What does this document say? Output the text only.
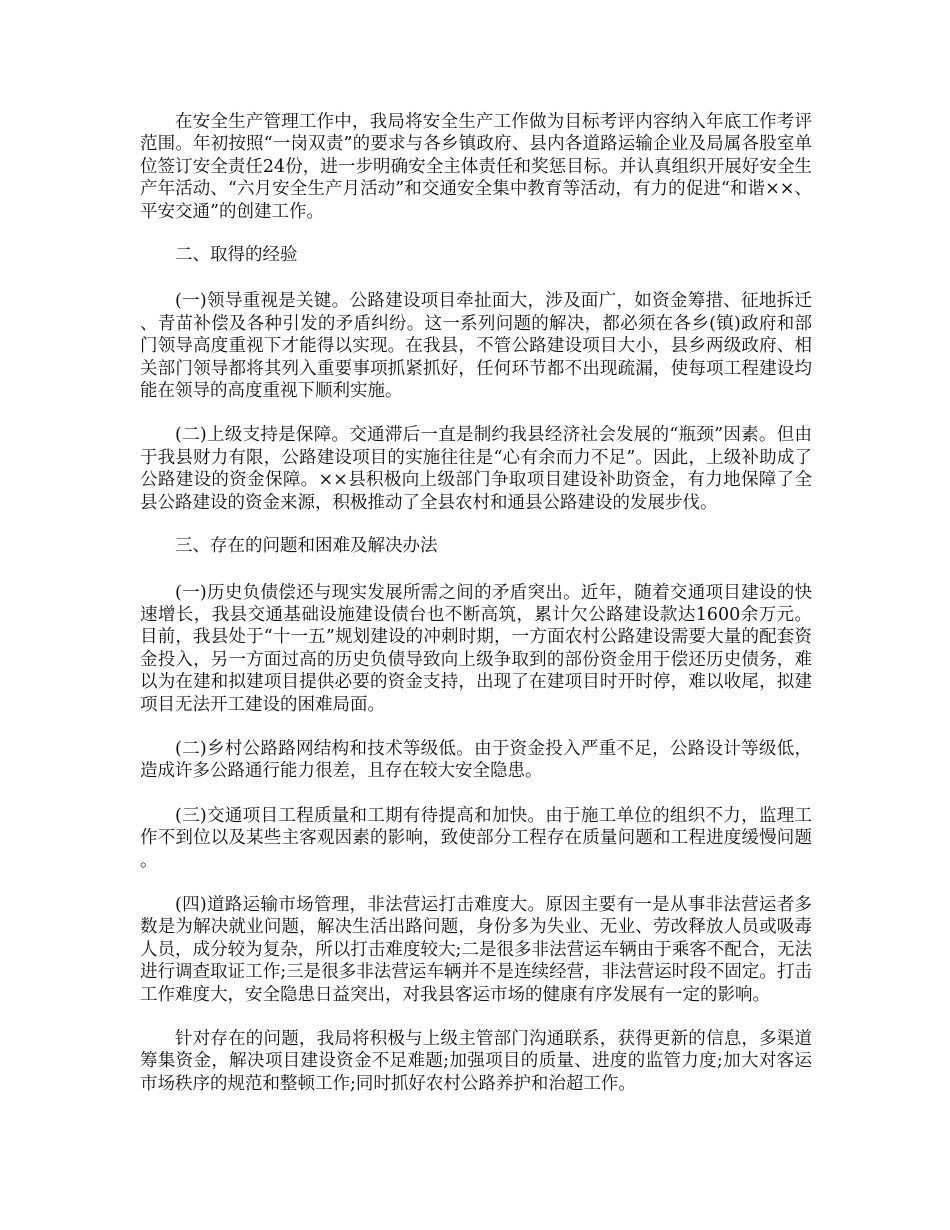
在安全生产管理工作中，我局将安全生产工作做为目标考评内容纳入年底工作考评范围。年初按照“一岗双责”的要求与各乡镇政府、县内各道路运输企业及局属各股室单位签订安全责任24份，进一步明确安全主体责任和奖惩目标。并认真组织开展好安全生产年活动、“六月安全生产月活动”和交通安全集中教育等活动，有力的促进“和谐××、平安交通”的创建工作。

二、取得的经验

(一)领导重视是关键。公路建设项目牵扯面大，涉及面广，如资金筹措、征地拆迁、青苗补偿及各种引发的矛盾纠纷。这一系列问题的解决，都必须在各乡(镇)政府和部门领导高度重视下才能得以实现。在我县，不管公路建设项目大小，县乡两级政府、相关部门领导都将其列入重要事项抓紧抓好，任何环节都不出现疏漏，使每项工程建设均能在领导的高度重视下顺利实施。

(二)上级支持是保障。交通滞后一直是制约我县经济社会发展的“瓶颈”因素。但由于我县财力有限，公路建设项目的实施往往是“心有余而力不足”。因此，上级补助成了公路建设的资金保障。××县积极向上级部门争取项目建设补助资金，有力地保障了全县公路建设的资金来源，积极推动了全县农村和通县公路建设的发展步伐。

三、存在的问题和困难及解决办法

(一)历史负债偿还与现实发展所需之间的矛盾突出。近年，随着交通项目建设的快速增长，我县交通基础设施建设债台也不断高筑，累计欠公路建设款达1600余万元。目前，我县处于“十一五”规划建设的冲刺时期，一方面农村公路建设需要大量的配套资金投入，另一方面过高的历史负债导致向上级争取到的部份资金用于偿还历史债务，难以为在建和拟建项目提供必要的资金支持，出现了在建项目时开时停，难以收尾，拟建项目无法开工建设的困难局面。

(二)乡村公路路网结构和技术等级低。由于资金投入严重不足，公路设计等级低，造成许多公路通行能力很差，且存在较大安全隐患。

(三)交通项目工程质量和工期有待提高和加快。由于施工单位的组织不力，监理工作不到位以及某些主客观因素的影响，致使部分工程存在质量问题和工程进度缓慢问题。

(四)道路运输市场管理，非法营运打击难度大。原因主要有一是从事非法营运者多数是为解决就业问题，解决生活出路问题，身份多为失业、无业、劳改释放人员或吸毒人员，成分较为复杂，所以打击难度较大;二是很多非法营运车辆由于乘客不配合，无法进行调查取证工作;三是很多非法营运车辆并不是连续经营，非法营运时段不固定。打击工作难度大，安全隐患日益突出，对我县客运市场的健康有序发展有一定的影响。

针对存在的问题，我局将积极与上级主管部门沟通联系，获得更新的信息，多渠道筹集资金，解决项目建设资金不足难题;加强项目的质量、进度的监管力度;加大对客运市场秩序的规范和整顿工作;同时抓好农村公路养护和治超工作。
